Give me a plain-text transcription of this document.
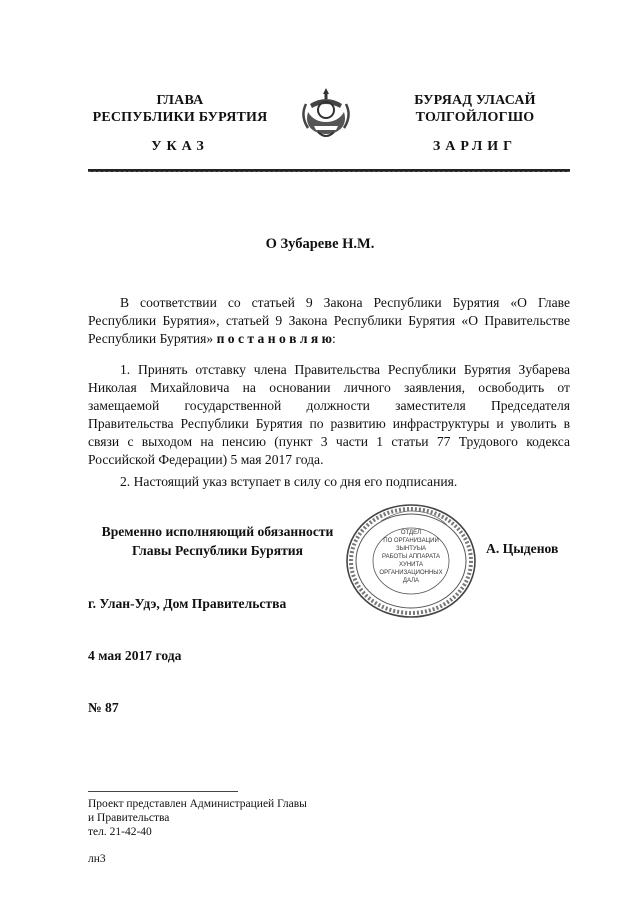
ГЛАВА
РЕСПУБЛИКИ БУРЯТИЯ
БУРЯАД УЛАСАЙ
ТОЛГОЙЛОГШО
УКАЗ	ЗАРЛИГ
О Зубареве Н.М.

В соответствии со статьей 9 Закона Республики Бурятия «О Главе Республики Бурятия», статьей 9 Закона Республики Бурятия «О Правительстве Республики Бурятия» п о с т а н о в л я ю:

1. Принять отставку члена Правительства Республики Бурятия Зубарева Николая Михайловича на основании личного заявления, освободить от замещаемой государственной должности заместителя Председателя Правительства Республики Бурятия по развитию инфраструктуры и уволить в связи с выходом на пенсию (пункт 3 части 1 статьи 77 Трудового кодекса Российской Федерации) 5 мая 2017 года.

2. Настоящий указ вступает в силу со дня его подписания.

Временно исполняющий обязанности
Главы Республики Бурятия	А. Цыденов
ОТДЕЛ
ПО ОРГАНИЗАЦИИ
ЗЫНТУЫА
РАБОТЫ АППАРАТА
ХУНИТА
ОРГАНИЗАЦИОННЫХ
ДАЛА
г. Улан-Удэ, Дом Правительства
4 мая 2017 года
№ 87
Проект представлен Администрацией Главы
и Правительства
тел. 21-42-40
лн3
